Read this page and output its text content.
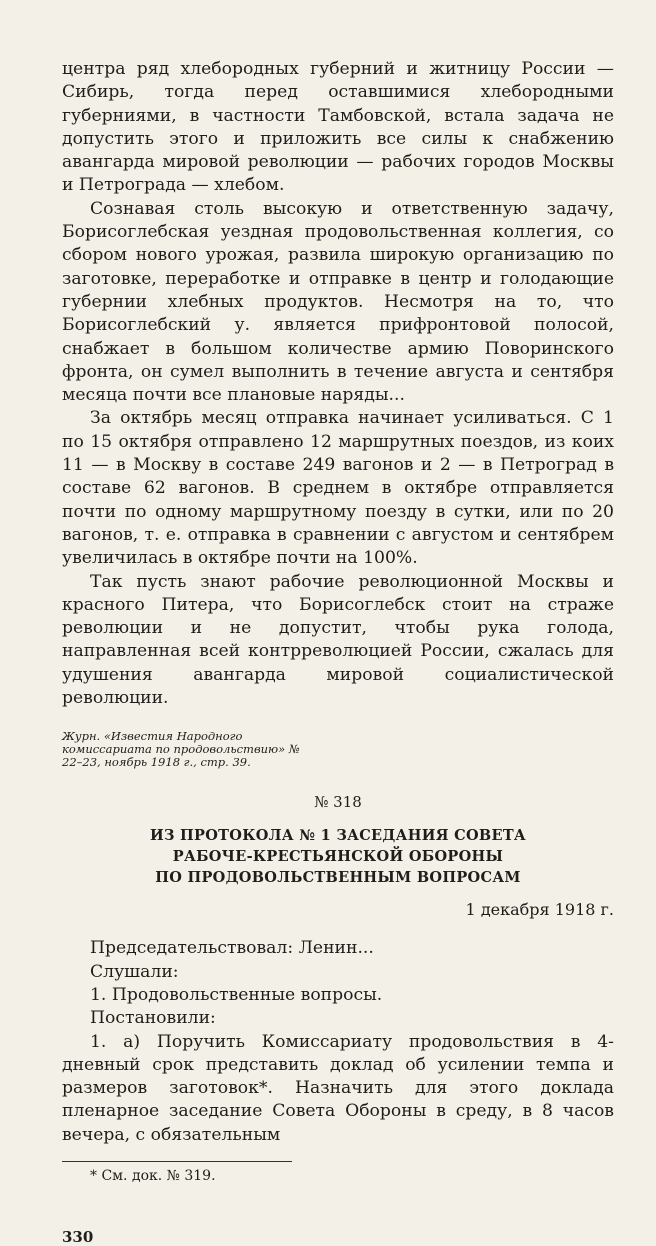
центра ряд хлебородных губерний и житницу России — Сибирь, тогда перед оставшимися хлебородными губерниями, в частности Тамбовской, встала задача не допустить этого и приложить все силы к снабжению авангарда мировой революции — рабочих городов Москвы и Петрограда — хлебом.

Сознавая столь высокую и ответственную задачу, Борисоглебская уездная продовольственная коллегия, со сбором нового урожая, развила широкую организацию по заготовке, переработке и отправке в центр и голодающие губернии хлебных продуктов. Несмотря на то, что Борисоглебский у. является прифронтовой полосой, снабжает в большом количестве армию Поворинского фронта, он сумел выполнить в течение августа и сентября месяца почти все плановые наряды...

За октябрь месяц отправка начинает усиливаться. С 1 по 15 октября отправлено 12 маршрутных поездов, из коих 11 — в Москву в составе 249 вагонов и 2 — в Петроград в составе 62 вагонов. В среднем в октябре отправляется почти по одному маршрутному поезду в сутки, или по 20 вагонов, т. е. отправка в сравнении с августом и сентябрем увеличилась в октябре почти на 100%.

Так пусть знают рабочие революционной Москвы и красного Питера, что Борисоглебск стоит на страже революции и не допустит, чтобы рука голода, направленная всей контрреволюцией России, сжалась для удушения авангарда мировой социалистической революции.

Журн. «Известия Народного комиссариата по продовольствию» № 22–23, ноябрь 1918 г., стр. 39.

№ 318

ИЗ ПРОТОКОЛА № 1 ЗАСЕДАНИЯ СОВЕТА

РАБОЧЕ-КРЕСТЬЯНСКОЙ ОБОРОНЫ

ПО ПРОДОВОЛЬСТВЕННЫМ ВОПРОСАМ

1 декабря 1918 г.

Председательствовал: Ленин...

Слушали:

1. Продовольственные вопросы.

Постановили:

1. а) Поручить Комиссариату продовольствия в 4-дневный срок представить доклад об усилении темпа и размеров заготовок*. Назначить для этого доклада пленарное заседание Совета Обороны в среду, в 8 часов вечера, с обязательным

* См. док. № 319.

330
